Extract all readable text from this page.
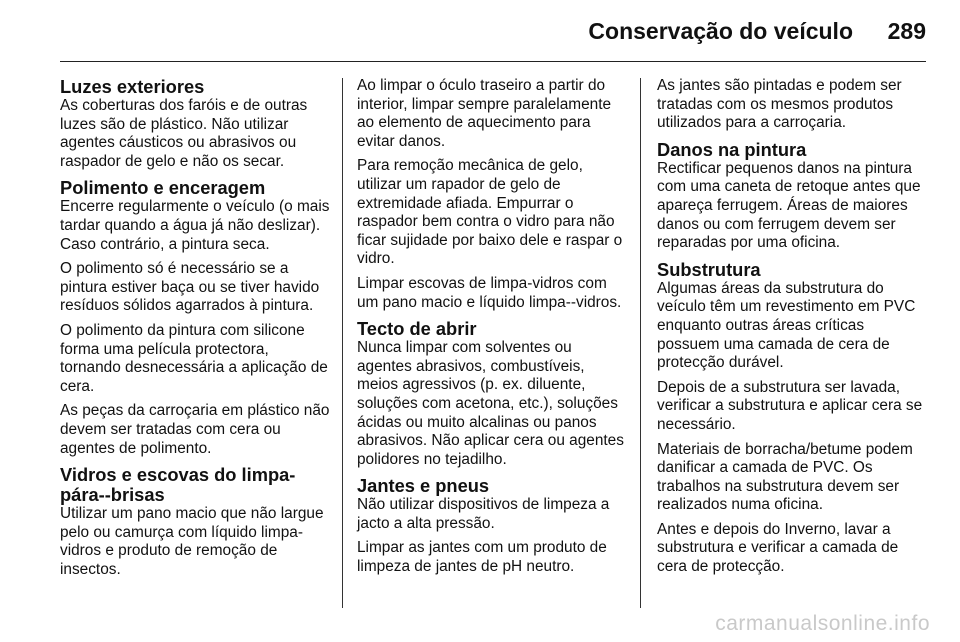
Conservação do veículo	289
Luzes exteriores

As coberturas dos faróis e de outras luzes são de plástico. Não utilizar agentes cáusticos ou abrasivos ou raspador de gelo e não os secar.

Polimento e enceragem

Encerre regularmente o veículo (o mais tardar quando a água já não deslizar). Caso contrário, a pintura seca.

O polimento só é necessário se a pintura estiver baça ou se tiver havido resíduos sólidos agarrados à pintura.

O polimento da pintura com silicone forma uma película protectora, tornando desnecessária a aplicação de cera.

As peças da carroçaria em plástico não devem ser tratadas com cera ou agentes de polimento.

Vidros e escovas do limpa-pára--brisas

Utilizar um pano macio que não largue pelo ou camurça com líquido limpa-vidros e produto de remoção de insectos.

Ao limpar o óculo traseiro a partir do interior, limpar sempre paralelamente ao elemento de aquecimento para evitar danos.

Para remoção mecânica de gelo, utilizar um rapador de gelo de extremidade afiada. Empurrar o raspador bem contra o vidro para não ficar sujidade por baixo dele e raspar o vidro.

Limpar escovas de limpa-vidros com um pano macio e líquido limpa--vidros.

Tecto de abrir

Nunca limpar com solventes ou agentes abrasivos, combustíveis, meios agressivos (p. ex. diluente, soluções com acetona, etc.), soluções ácidas ou muito alcalinas ou panos abrasivos. Não aplicar cera ou agentes polidores no tejadilho.

Jantes e pneus

Não utilizar dispositivos de limpeza a jacto a alta pressão.

Limpar as jantes com um produto de limpeza de jantes de pH neutro.

As jantes são pintadas e podem ser tratadas com os mesmos produtos utilizados para a carroçaria.

Danos na pintura

Rectificar pequenos danos na pintura com uma caneta de retoque antes que apareça ferrugem. Áreas de maiores danos ou com ferrugem devem ser reparadas por uma oficina.

Substrutura

Algumas áreas da substrutura do veículo têm um revestimento em PVC enquanto outras áreas críticas possuem uma camada de cera de protecção durável.

Depois de a substrutura ser lavada, verificar a substrutura e aplicar cera se necessário.

Materiais de borracha/betume podem danificar a camada de PVC. Os trabalhos na substrutura devem ser realizados numa oficina.

Antes e depois do Inverno, lavar a substrutura e verificar a camada de cera de protecção.

carmanualsonline.info
